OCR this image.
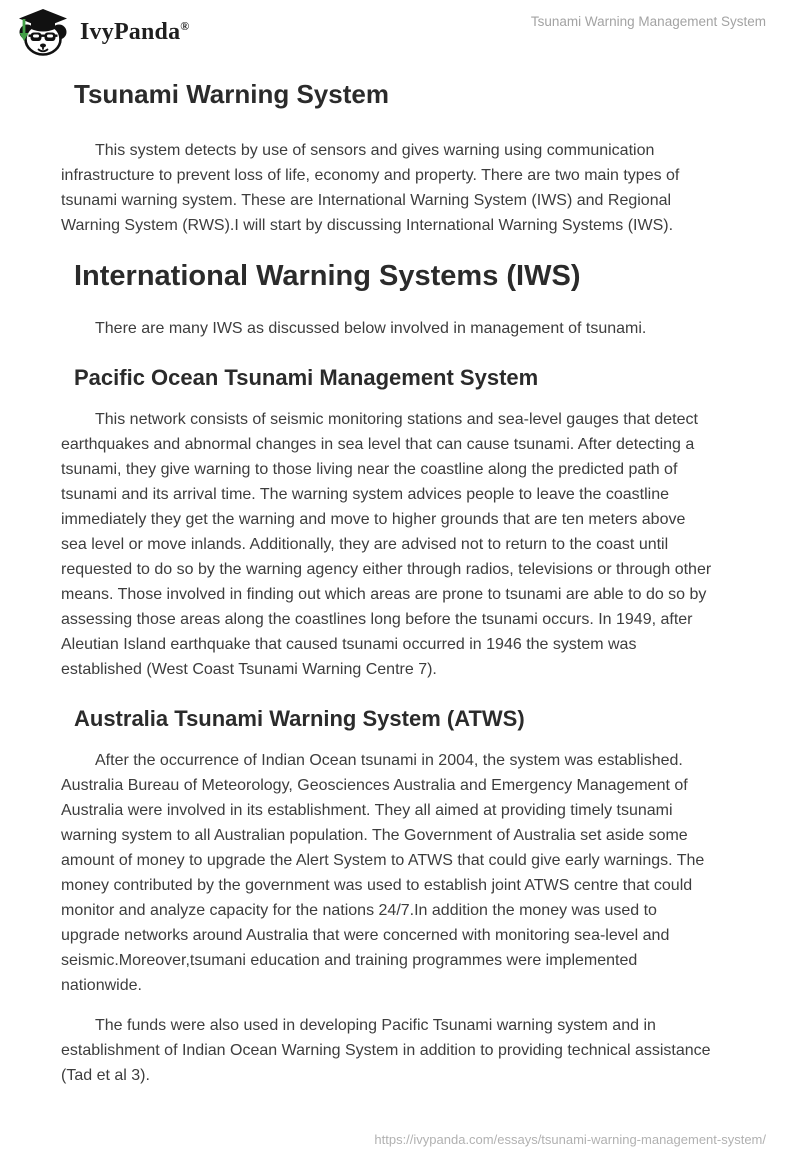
IvyPanda®	Tsunami Warning Management System
Tsunami Warning System

This system detects by use of sensors and gives warning using communication infrastructure to prevent loss of life, economy and property. There are two main types of tsunami warning system. These are International Warning System (IWS) and Regional Warning System (RWS).I will start by discussing International Warning Systems (IWS).

International Warning Systems (IWS)

There are many IWS as discussed below involved in management of tsunami.

Pacific Ocean Tsunami Management System

This network consists of seismic monitoring stations and sea-level gauges that detect earthquakes and abnormal changes in sea level that can cause tsunami. After detecting a tsunami, they give warning to those living near the coastline along the predicted path of tsunami and its arrival time. The warning system advices people to leave the coastline immediately they get the warning and move to higher grounds that are ten meters above sea level or move inlands. Additionally, they are advised not to return to the coast until requested to do so by the warning agency either through radios, televisions or through other means. Those involved in finding out which areas are prone to tsunami are able to do so by assessing those areas along the coastlines long before the tsunami occurs. In 1949, after Aleutian Island earthquake that caused tsunami occurred in 1946 the system was established (West Coast Tsunami Warning Centre 7).

Australia Tsunami Warning System (ATWS)

After the occurrence of Indian Ocean tsunami in 2004, the system was established. Australia Bureau of Meteorology, Geosciences Australia and Emergency Management of Australia were involved in its establishment. They all aimed at providing timely tsunami warning system to all Australian population. The Government of Australia set aside some amount of money to upgrade the Alert System to ATWS that could give early warnings. The money contributed by the government was used to establish joint ATWS centre that could monitor and analyze capacity for the nations 24/7.In addition the money was used to upgrade networks around Australia that were concerned with monitoring sea-level and seismic.Moreover,tsumani education and training programmes were implemented nationwide.

The funds were also used in developing Pacific Tsunami warning system and in establishment of Indian Ocean Warning System in addition to providing technical assistance (Tad et al 3).

https://ivypanda.com/essays/tsunami-warning-management-system/
